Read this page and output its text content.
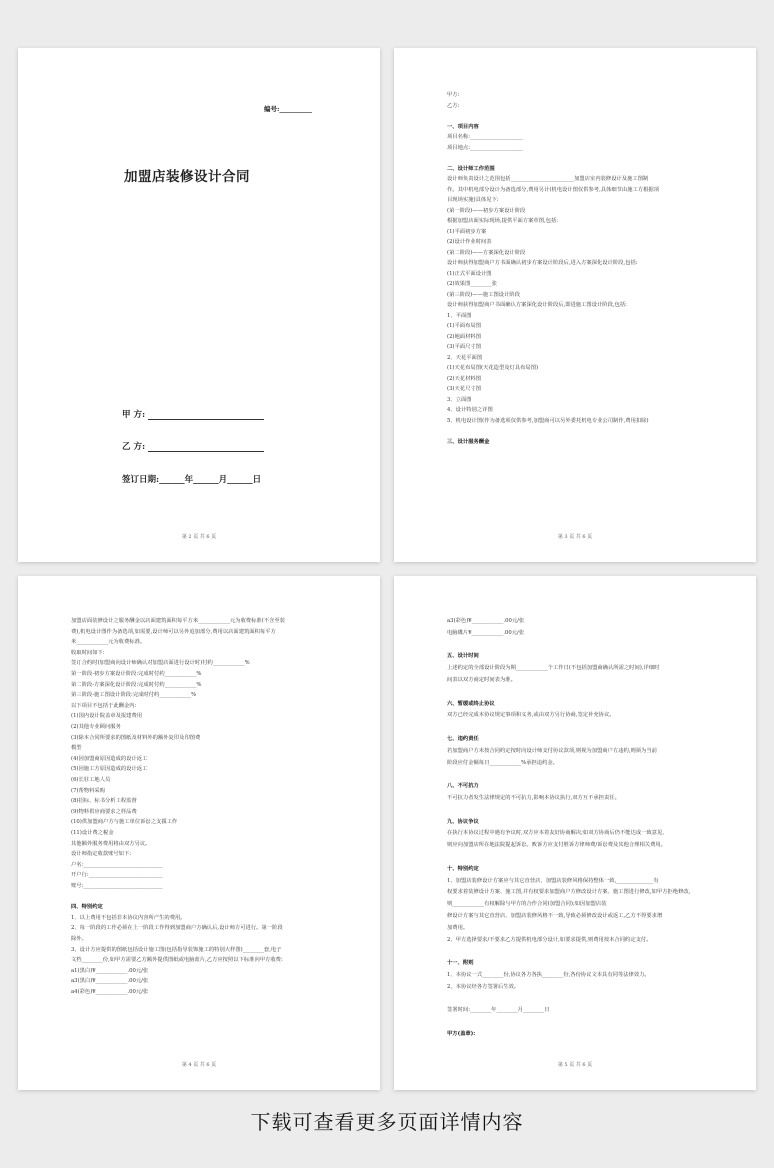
编号:__________
加盟店装修设计合同
甲 方:
乙 方:
签订日期:______年______月______日
第 2 页 共 6 页	第 3 页 共 6 页
甲方:
乙方:
一、项目内容
项目名称:____________________
项目地点:____________________
二、设计师工作范围
设计师负责设计之范围包括________________________加盟店室内装修设计及施工图制
作。其中机电部分设计为备选部分,费用另计(机电设计图仅供参考,具体细节由施工方根据项
目现场实施)具体见下:
(第一阶段)——初步方案设计阶段
根据加盟店面实际现场,提供平面方案草图,包括:
(1)平面初步方案
(2)设计作业时间表
(第二阶段)——方案深化设计阶段
设计师获得加盟商户方书面确认初步方案设计阶段后,进入方案深化设计阶段,包括:
(1)正式平面设计图
(2)效果图________张
(第三阶段)——施工图设计阶段
设计师获得加盟商户书面确认方案深化设计阶段后,即进施工图设计阶段,包括:
1、平面图
(1)平面布局图
(2)地面材料图
(3)平面尺寸图
2、天花平面图
(1)天花布局图(天花造型及灯具布局图)
(2)天花材料图
(3)天花尺寸图
3、立面图
4、设计特别之详图
5、机电设计图(作为备选项仅供参考,加盟商可以另外委托机电专业公司制作,费用扣除)
三、设计服务酬金
第 4 页 共 6 页
加盟店面装修设计之服务酬金以店面建筑面积每平方米____________元为收费标准(不含至装
费),机电设计图作为备选项,如需要,设计师可以另外追加部分,费用以店面建筑面积每平方
米____________元为收费标准。
收取时间如下:
签订合约时(加盟商向设计师确认对加盟店面进行设计时)付约____________%
第一阶段-初步方案设计阶段:完成时付约____________%
第二阶段-方案深化设计阶段:完成时付约____________%
第三阶段-施工图设计阶段:完成时付约____________%
以下项目不包括于此酬金内:
(1)国内设计院盖章及报建费用
(2)其他专业顾问服务
(3)除本合同所要求的图纸及材料外的额外复印及印图费
模型
(4)因加盟商原因造成的设计返工
(5)因施工方原因造成的设计返工
(6)长驻工地人员
(7)帮物料采购
(8)招标、标书分析工程监督
(9)物料供应商要求之样品费
(10)供加盟商户方与施工单位诉讼之支援工作
(11)设计费之税金
其他额外服务费用将由双方另议。
设计师指定收款账号如下:
户名:______________________________
开户行:____________________________
账号:______________________________
四、特别约定
1、以上费用不包括非本协议内容所产生的费用。
2、每一阶段的工作必须在上一阶段工作得到加盟商户方确认后,设计师方可进行。第一阶段
除外。
3、设计方应提供的图纸包括设计施工图(包括指导装饰施工的特别大样图)________套,电子
文档________份,如甲方需要乙方额外提供图纸或电脑蓝片,乙方应按照以下标准向甲方收费:
a1(黑白)¥____________.00元/张
a3(黑白)¥____________.00元/张
a4(彩色)¥____________.00元/张
第 5 页 共 6 页
a3(彩色)¥____________.00元/张
电脑碟片¥____________.00元/张
五、设计时间
上述约定的全部设计阶段为期____________个工作日(不包括加盟商确认所需之时间),详细时
间表以双方商定时间表为准。
六、暂缓或终止协议
双方已经完成本协议规定事项和义务,或由双方另行协商,签定补充协议。
七、违约责任
若加盟商户方未按合同约定按时向设计师支付协议款项,则视为加盟商户方违约,则须为当前
阶段应付金额每日____________%承担违约金。
八、不可抗力
不可抗力者发生法律规定的不可抗力,影响本协议执行,双方互不承担责任。
九、协议争议
在执行本协议过程中遇有争议时,双方应本着友好协商解决;如双方协商后仍不能达成一致意见,
则应向加盟店所在地法院提起诉讼。败诉方应支付胜诉方律师费/诉讼费及其他合理相关费用。
十、特别约定
1、加盟店装修设计方案应与其它直营店、加盟店装修风格保持整体一致,______________有
权要求着装修设计方案、施工图,并有权要求加盟商户方修改设计方案、施工图进行修改,如甲方拒绝修改,
则____________有权解除与甲方的合作合同(加盟合同);如因加盟店装
修设计方案与其它直营店、加盟店装修风格不一致,导致必须修改设计或返工,乙方不得要求增
加费用。
2、甲方选择要求/不要求乙方提供机电部分设计,如要求提供,则费用按本合同约定支付。
十一、附则
1、本协议一式________份,协议各方各执________份,各份协议文本具有同等法律效力。
2、本协议经各方签署后生效。
签署时间:________年________月________日
甲方(盖章):
下载可查看更多页面详情内容
